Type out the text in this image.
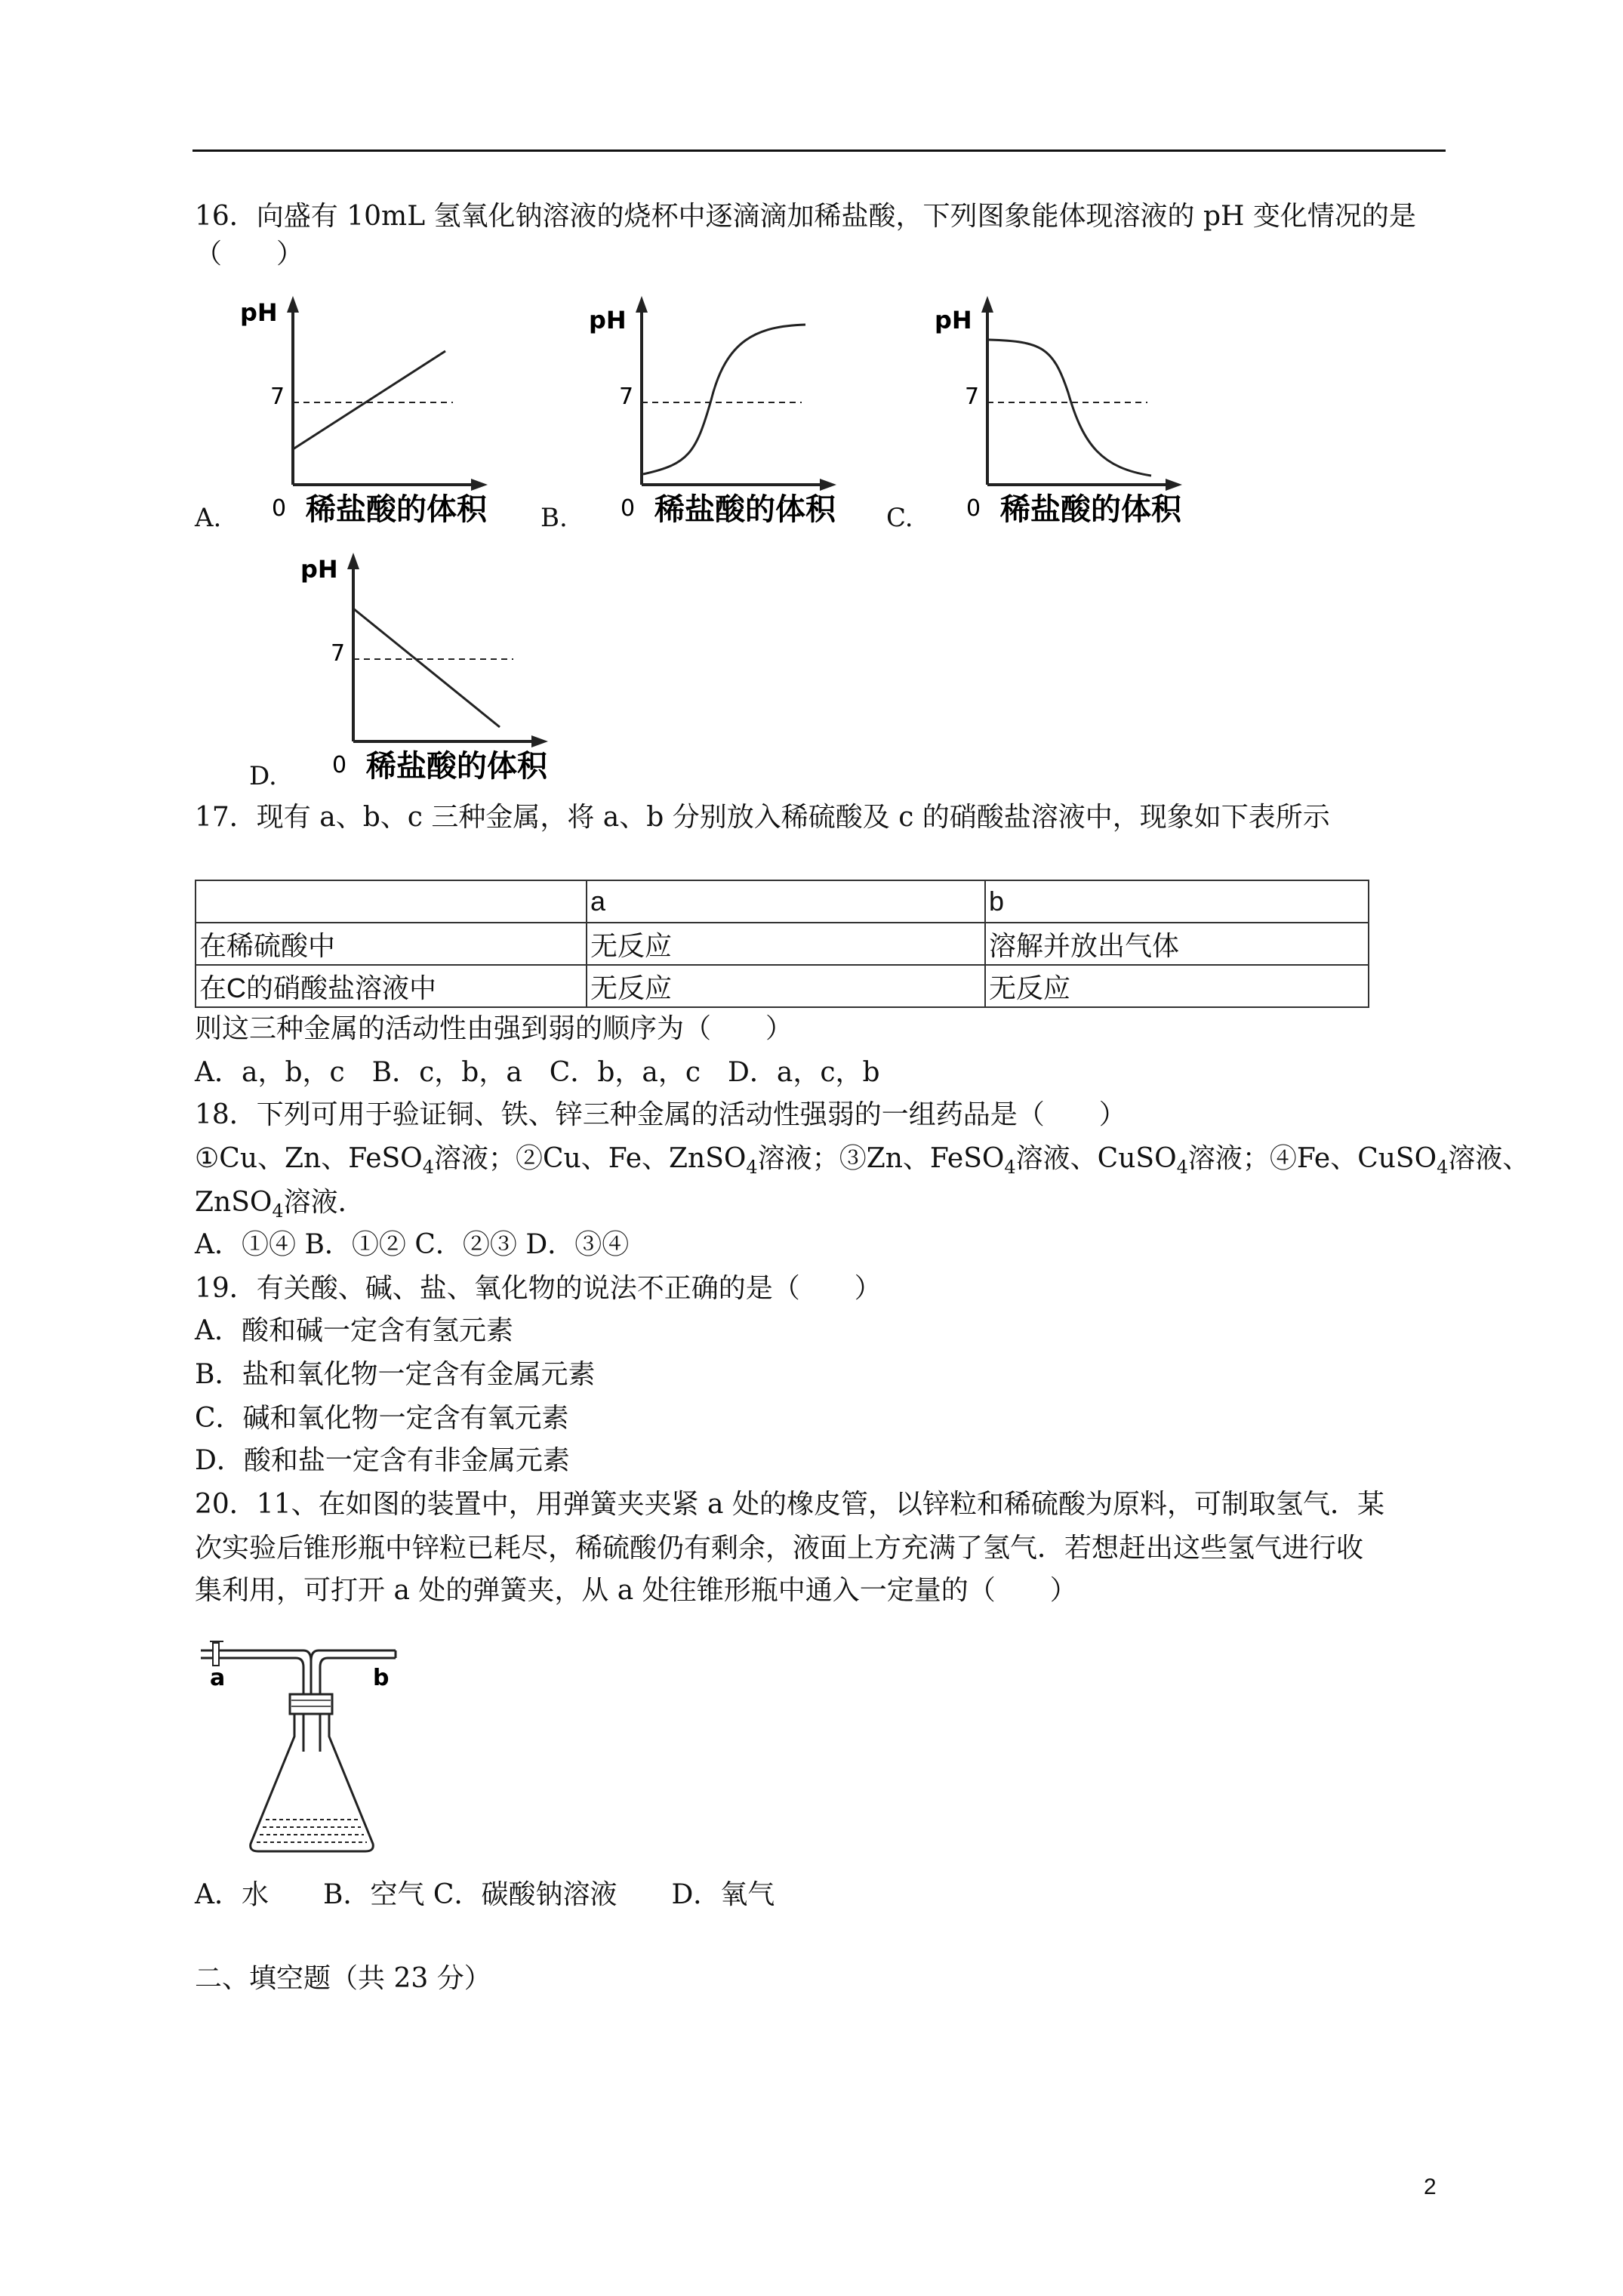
16．向盛有 10mL 氢氧化钠溶液的烧杯中逐滴滴加稀盐酸，下列图象能体现溶液的 pH 变化情况的是
（　　）
A.
pH
7
0 稀盐酸的体积 B.
pH
7
0 稀盐酸的体积 C.
pH
7
0 稀盐酸的体积
D.
pH
7
0 稀盐酸的体积
17．现有 a、b、c 三种金属，将 a、b 分别放入稀硫酸及 c 的硝酸盐溶液中，现象如下表所示
	a	b
在稀硫酸中	无反应	溶解并放出气体
在C的硝酸盐溶液中	无反应	无反应
则这三种金属的活动性由强到弱的顺序为（　　）
A．a，b，c　B．c，b，a　C．b，a，c　D．a，c，b
18．下列可用于验证铜、铁、锌三种金属的活动性强弱的一组药品是（　　）
①Cu、Zn、FeSO$_4$溶液；②Cu、Fe、ZnSO$_4$溶液；③Zn、FeSO$_4$溶液、CuSO$_4$溶液；④Fe、CuSO$_4$溶液、
ZnSO$_4$溶液．
A．①④ B．①② C．②③ D．③④
19．有关酸、碱、盐、氧化物的说法不正确的是（　　）
A．酸和碱一定含有氢元素
B．盐和氧化物一定含有金属元素
C．碱和氧化物一定含有氧元素
D．酸和盐一定含有非金属元素
20．11、在如图的装置中，用弹簧夹夹紧 a 处的橡皮管，以锌粒和稀硫酸为原料，可制取氢气．某
次实验后锥形瓶中锌粒已耗尽，稀硫酸仍有剩余，液面上方充满了氢气．若想赶出这些氢气进行收
集利用，可打开 a 处的弹簧夹，从 a 处往锥形瓶中通入一定量的（　　）
a	b
A．水　　B．空气 C．碳酸钠溶液　　D．氧气
二、填空题（共 23 分）
2
